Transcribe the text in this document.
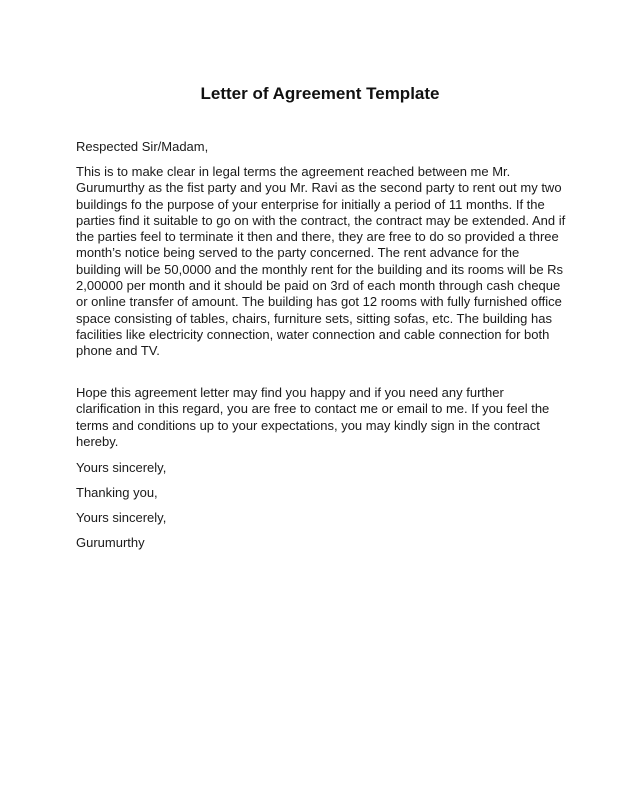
Letter of Agreement Template

Respected Sir/Madam,

This is to make clear in legal terms the agreement reached between me Mr. Gurumurthy as the fist party and you Mr. Ravi as the second party to rent out my two buildings fo the purpose of your enterprise for initially a period of 11 months. If the parties find it suitable to go on with the contract, the contract may be extended. And if the parties feel to terminate it then and there, they are free to do so provided a three month’s notice being served to the party concerned. The rent advance for the building will be 50,0000 and the monthly rent for the building and its rooms will be Rs 2,00000 per month and it should be paid on 3rd of each month through cash cheque or online transfer of amount. The building has got 12 rooms with fully furnished office space consisting of tables, chairs, furniture sets, sitting sofas, etc. The building has facilities like electricity connection, water connection and cable connection for both phone and TV.

Hope this agreement letter may find you happy and if you need any further clarification in this regard, you are free to contact me or email to me. If you feel the terms and conditions up to your expectations, you may kindly sign in the contract hereby.

Yours sincerely,

Thanking you,

Yours sincerely,

Gurumurthy
